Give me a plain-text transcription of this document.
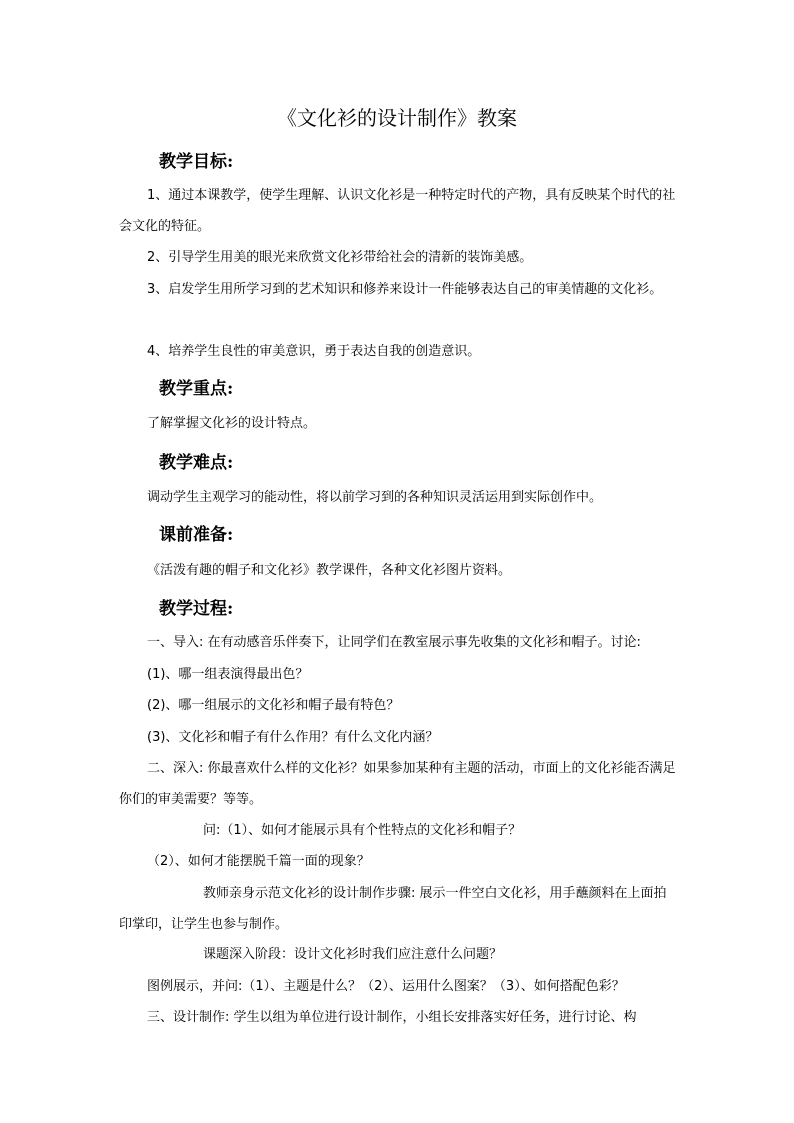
《文化衫的设计制作》教案
教学目标:
1、通过本课教学，使学生理解、认识文化衫是一种特定时代的产物，具有反映某个时代的社会文化的特征。
2、引导学生用美的眼光来欣赏文化衫带给社会的清新的装饰美感。
3、启发学生用所学习到的艺术知识和修养来设计一件能够表达自己的审美情趣的文化衫。
4、培养学生良性的审美意识，勇于表达自我的创造意识。
教学重点:
了解掌握文化衫的设计特点。
教学难点:
调动学生主观学习的能动性，将以前学习到的各种知识灵活运用到实际创作中。
课前准备:
《活泼有趣的帽子和文化衫》教学课件，各种文化衫图片资料。
教学过程:
一、导入: 在有动感音乐伴奏下，让同学们在教室展示事先收集的文化衫和帽子。讨论:
(1)、哪一组表演得最出色？
(2)、哪一组展示的文化衫和帽子最有特色？
(3)、文化衫和帽子有什么作用？有什么文化内涵？
二、深入: 你最喜欢什么样的文化衫？如果参加某种有主题的活动，市面上的文化衫能否满足你们的审美需要？等等。
问:（1）、如何才能展示具有个性特点的文化衫和帽子？
（2）、如何才能摆脱千篇一面的现象？
教师亲身示范文化衫的设计制作步骤: 展示一件空白文化衫，用手蘸颜料在上面拍印掌印，让学生也参与制作。
课题深入阶段：设计文化衫时我们应注意什么问题？
图例展示，并问:（1）、主题是什么？（2）、运用什么图案？（3）、如何搭配色彩？
三、设计制作: 学生以组为单位进行设计制作，小组长安排落实好任务，进行讨论、构
